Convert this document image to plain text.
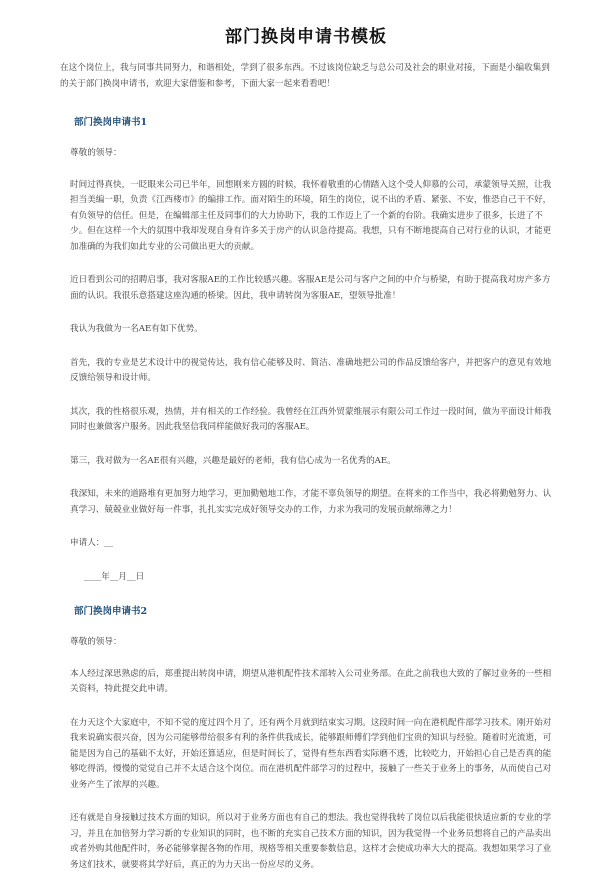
部门换岗申请书模板

在这个岗位上，我与同事共同努力，和谐相处，学到了很多东西。不过该岗位缺乏与总公司及社会的职业对接，下面是小编收集到的关于部门换岗申请书，欢迎大家借鉴和参考，下面大家一起来看看吧！

部门换岗申请书1

尊敬的领导：

时间过得真快，一眨眼来公司已半年，回想刚来方圆的时候，我怀着敬重的心情踏入这个受人仰慕的公司，承蒙领导关照，让我担当美编一职，负责《江西楼市》的编排工作。面对陌生的环境，陌生的岗位，说不出的矛盾、紧张、不安，惟恐自己干不好，有负领导的信任。但是，在编辑部主任及同事们的大力协助下，我的工作迈上了一个新的台阶。我确实进步了很多，长进了不少。但在这样一个大的氛围中我却发现自身有许多关于房产的认识急待提高。我想，只有不断地提高自己对行业的认识，才能更加准确的为我们如此专业的公司做出更大的贡献。

近日看到公司的招聘启事，我对客服AE的工作比较感兴趣。客服AE是公司与客户之间的中介与桥梁，有助于提高我对房产多方面的认识。我很乐意搭建这座沟通的桥梁。因此，我申请转岗为客服AE，望领导批准！

我认为我做为一名AE有如下优势。

首先，我的专业是艺术设计中的视觉传达，我有信心能够及时、简洁、准确地把公司的作品反馈给客户，并把客户的意见有效地反馈给领导和设计师。

其次，我的性格很乐观，热情，并有相关的工作经验。我曾经在江西外贸蒙维展示有限公司工作过一段时间，做为平面设计师我同时也兼做客户服务。因此我坚信我同样能做好我司的客服AE。

第三，我对做为一名AE很有兴趣，兴趣是最好的老师，我有信心成为一名优秀的AE。

我深知，未来的道路堆有更加努力地学习，更加勤勉地工作，才能不辜负领导的期望。在将来的工作当中，我必将勤勉努力、认真学习、兢兢业业做好每一件事，扎扎实实完成好领导交办的工作，力求为我司的发展贡献绵薄之力！

申请人：__

____年__月__日

部门换岗申请书2

尊敬的领导：

本人经过深思熟虑的后，郑重提出转岗申请，期望从港机配件技术部转入公司业务部。在此之前我也大致的了解过业务的一些相关资料，特此提交此申请。

在力天这个大家庭中，不知不觉的度过四个月了，还有两个月就到结束实习期。这段时间一向在港机配件部学习技术。刚开始对我来说确实很兴奋，因为公司能够带给很多有利的条件供我成长，能够跟师傅们学到他们宝贵的知识与经验。随着时光流逝，可能是因为自己的基础不太好，开始还算适应，但是时间长了，觉得有些东西看实际磨不透，比较吃力，开始担心自己是否真的能够吃得消，慢慢的觉觉自己并不太适合这个岗位。而在港机配件部学习的过程中，接触了一些关于业务上的事务，从而使自己对业务产生了浓厚的兴趣。

还有就是自身接触过技术方面的知识，所以对于业务方面也有自己的想法。我也觉得我转了岗位以后我能很快适应新的专业的学习，并且在加倍努力学习新的专业知识的同时，也不断的充实自己技术方面的知识，因为我觉得一个业务员想将自己的产品卖出或者外购其他配件时，务必能够掌握各物的作用，规格等相关重要参数信息，这样才会使成功率大大的提高。我想如果学习了业务这们技术，就要将其学好后，真正的为力天出一份应尽的义务。
